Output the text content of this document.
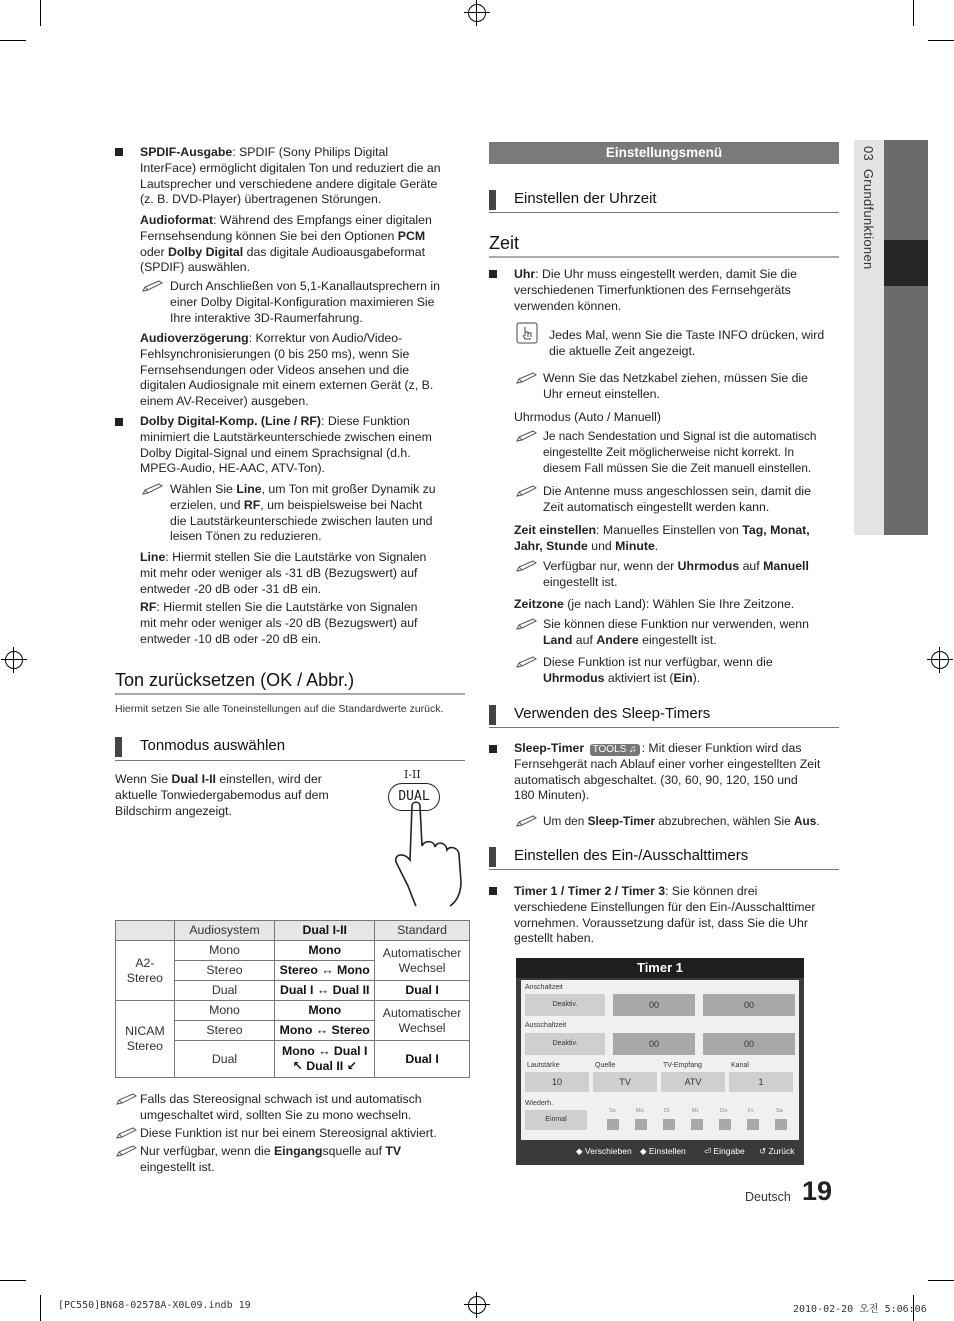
03  Grundfunktionen
SPDIF-Ausgabe: SPDIF (Sony Philips Digital
InterFace) ermöglicht digitalen Ton und reduziert die an
Lautsprecher und verschiedene andere digitale Geräte
(z. B. DVD-Player) übertragenen Störungen.
Audioformat: Während des Empfangs einer digitalen
Fernsehsendung können Sie bei den Optionen PCM
oder Dolby Digital das digitale Audioausgabeformat
(SPDIF) auswählen.
Durch Anschließen von 5,1-Kanallautsprechern in
einer Dolby Digital-Konfiguration maximieren Sie
Ihre interaktive 3D-Raumerfahrung.
Audioverzögerung: Korrektur von Audio/Video-
Fehlsynchronisierungen (0 bis 250 ms), wenn Sie
Fernsehsendungen oder Videos ansehen und die
digitalen Audiosignale mit einem externen Gerät (z, B.
einem AV-Receiver) ausgeben.
Dolby Digital-Komp. (Line / RF): Diese Funktion
minimiert die Lautstärkeunterschiede zwischen einem
Dolby Digital-Signal und einem Sprachsignal (d.h.
MPEG-Audio, HE-AAC, ATV-Ton).
Wählen Sie Line, um Ton mit großer Dynamik zu
erzielen, und RF, um beispielsweise bei Nacht
die Lautstärkeunterschiede zwischen lauten und
leisen Tönen zu reduzieren.
Line: Hiermit stellen Sie die Lautstärke von Signalen
mit mehr oder weniger als -31 dB (Bezugswert) auf
entweder -20 dB oder -31 dB ein.
RF: Hiermit stellen Sie die Lautstärke von Signalen
mit mehr oder weniger als -20 dB (Bezugswert) auf
entweder -10 dB oder -20 dB ein.
Ton zurücksetzen (OK / Abbr.)
Hiermit setzen Sie alle Toneinstellungen auf die Standardwerte zurück.
Tonmodus auswählen
Wenn Sie Dual I-II einstellen, wird der
aktuelle Tonwiedergabemodus auf dem
Bildschirm angezeigt.
I-II
DUAL
	Audiosystem	Dual I-II	Standard
A2-
Stereo	Mono	Mono	Automatischer
Wechsel
	Stereo	Stereo ↔ Mono	
	Dual	Dual I ↔ Dual II	Dual I
NICAM
Stereo	Mono	Mono	Automatischer
Wechsel
	Stereo	Mono ↔ Stereo	
	Dual	Mono ↔ Dual I
↖ Dual II ↙	Dual I
Falls das Stereosignal schwach ist und automatisch
umgeschaltet wird, sollten Sie zu mono wechseln.
Diese Funktion ist nur bei einem Stereosignal aktiviert.
Nur verfügbar, wenn die Eingangsquelle auf TV
eingestellt ist.
Einstellungsmenü
Einstellen der Uhrzeit
Zeit
Uhr: Die Uhr muss eingestellt werden, damit Sie die
verschiedenen Timerfunktionen des Fernsehgeräts
verwenden können.
Jedes Mal, wenn Sie die Taste INFO drücken, wird
die aktuelle Zeit angezeigt.
Wenn Sie das Netzkabel ziehen, müssen Sie die
Uhr erneut einstellen.
Uhrmodus (Auto / Manuell)
Je nach Sendestation und Signal ist die automatisch
eingestellte Zeit möglicherweise nicht korrekt. In
diesem Fall müssen Sie die Zeit manuell einstellen.
Die Antenne muss angeschlossen sein, damit die
Zeit automatisch eingestellt werden kann.
Zeit einstellen: Manuelles Einstellen von Tag, Monat,
Jahr, Stunde und Minute.
Verfügbar nur, wenn der Uhrmodus auf Manuell
eingestellt ist.
Zeitzone (je nach Land): Wählen Sie Ihre Zeitzone.
Sie können diese Funktion nur verwenden, wenn
Land auf Andere eingestellt ist.
Diese Funktion ist nur verfügbar, wenn die
Uhrmodus aktiviert ist (Ein).
Verwenden des Sleep-Timers
Sleep-Timer TOOLS ♫ : Mit dieser Funktion wird das
Fernsehgerät nach Ablauf einer vorher eingestellten Zeit
automatisch abgeschaltet. (30, 60, 90, 120, 150 und
180 Minuten).
Um den Sleep-Timer abzubrechen, wählen Sie Aus.
Einstellen des Ein-/Ausschalttimers
Timer 1 / Timer 2 / Timer 3: Sie können drei
verschiedene Einstellungen für den Ein-/Ausschalttimer
vornehmen. Voraussetzung dafür ist, dass Sie die Uhr
gestellt haben.
Timer 1
Anschaltzeit
Deaktiv.	00	00
Ausschaltzeit
Deaktiv.	00	00
Lautstärke	Quelle	TV-Empfang	Kanal
10	TV	ATV	1
Wiederh.
Einmal
So	Mo.	Di.	Mi.	Do.	Fr.	Sa
◆ Verschieben ◆ Einstellen ⏎ Eingabe ↺ Zurück
Deutsch 19
[PC550]BN68-02578A-X0L09.indb 19	2010-02-20 오전 5:06:06
